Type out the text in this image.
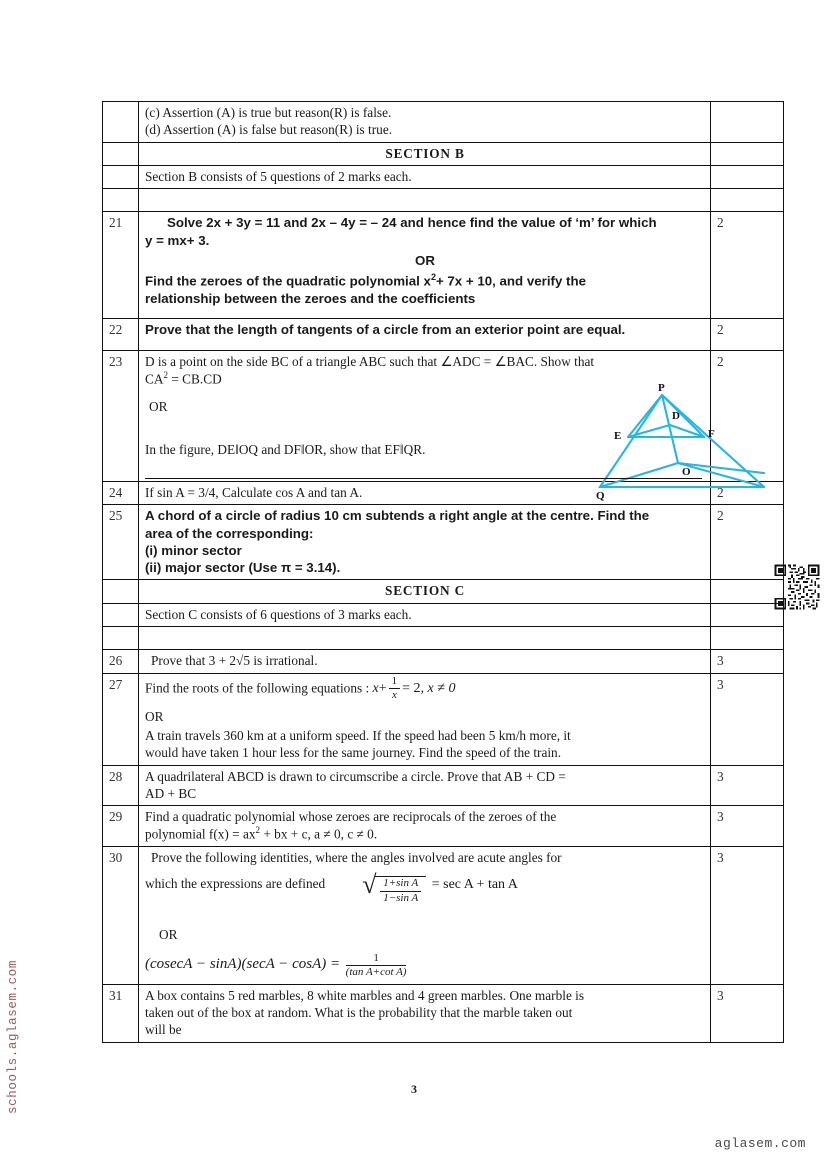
schools.aglasem.com
aglasem.com
3

	(c) Assertion (A) is true but reason(R) is false.
(d) Assertion (A) is false but reason(R) is true.	

	SECTION B	
	Section B consists of 5 questions of 2 marks each.	

21	Solve 2x + 3y = 11 and 2x – 4y = – 24 and hence find the value of ‘m’ for which
y = mx+ 3.
OR
Find the zeroes of the quadratic polynomial $x^2+ 7x + 10$, and verify the
relationship between the zeroes and the coefficients	2
22	Prove that the length of tangents of a circle from an exterior point are equal.	2
23	D is a point on the side BC of a triangle ABC such that ∠ADC = ∠BAC. Show that
$CA^2 = CB.CD$
OR
In the figure, DE‖OQ and DF‖OR, show that EF‖QR.
P
D
E	F
O
Q
	2
24	If sin A = 3/4, Calculate cos A and tan A.	2
25	A chord of a circle of radius 10 cm subtends a right angle at the centre. Find the
area of the corresponding:
(i) minor sector
(ii) major sector (Use π = 3.14).	2
	SECTION C	
	Section C consists of 6 questions of 3 marks each.	

26	Prove that 3 + 2√5 is irrational.	3
27	Find the roots of the following equations : $x+ \frac{1}{x} = 2$, x ≠ 0
OR
A train travels 360 km at a uniform speed. If the speed had been 5 km/h more, it
would have taken 1 hour less for the same journey. Find the speed of the train.
	3
28	A quadrilateral ABCD is drawn to circumscribe a circle. Prove that AB + CD =
AD + BC	3
29	Find a quadratic polynomial whose zeroes are reciprocals of the zeroes of the
polynomial $f(x) = ax^2$ + bx + c, a ≠ 0, c ≠ 0.	3
30	Prove the following identities, where the angles involved are acute angles for
which the expressions are defined	√ $\frac{\text{1+sin A}}{\text{1−sin A}} = \sec A + \tan A$
OR
$(cosecA - \sin A)(\sec A - \cos A) = \frac{1}{\text{(tan A+cot A)}}$
	3
31	A box contains 5 red marbles, 8 white marbles and 4 green marbles. One marble is
taken out of the box at random. What is the probability that the marble taken out
will be	3
